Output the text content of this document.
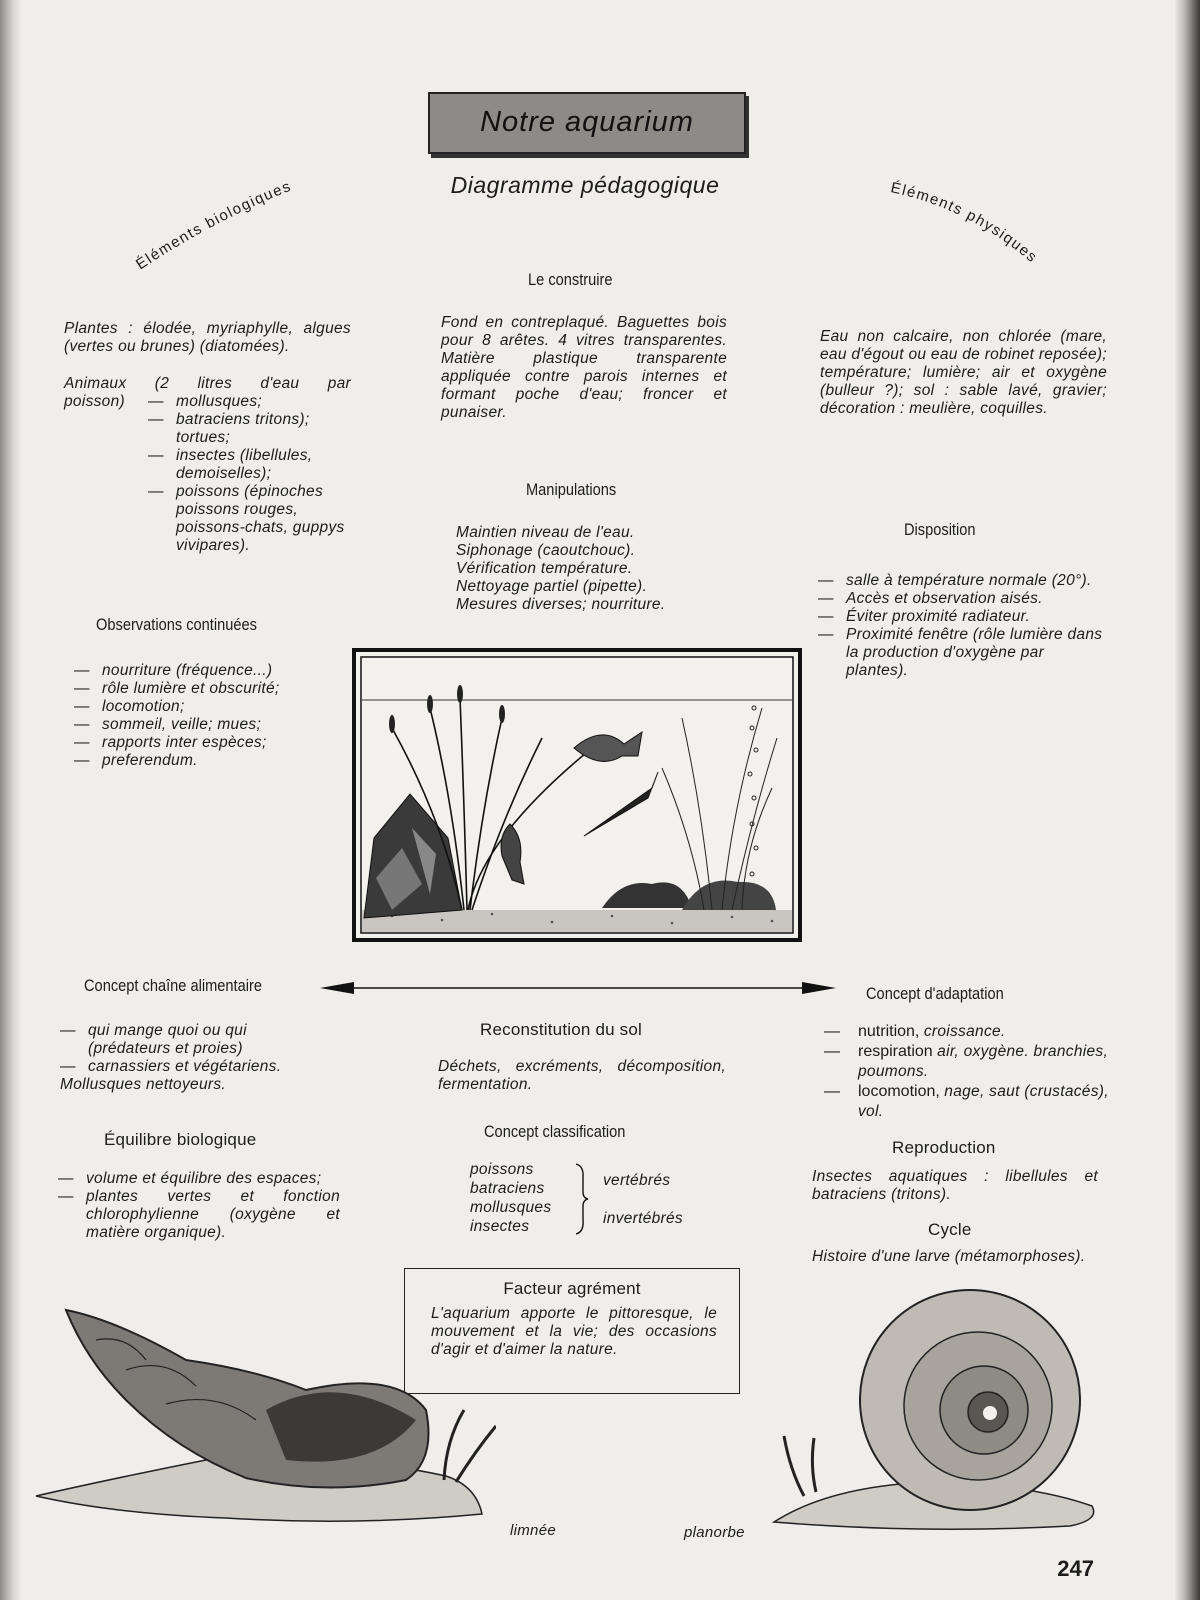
Notre aquarium
Diagramme pédagogique
Éléments biologiques	Éléments physiques
Plantes : élodée, myriaphylle, algues (vertes ou brunes) (diatomées).
Animaux (2 litres d'eau par
poisson)	— mollusques;
— batraciens tritons); tortues;
— insectes (libellules, demoiselles);
— poissons (épinoches poissons rouges, poissons-chats, guppys vivipares).
Le construire
Fond en contreplaqué. Baguettes bois pour 8 arêtes. 4 vitres transparentes. Matière plastique transparente appliquée contre parois internes et formant poche d'eau; froncer et punaiser.
Eau non calcaire, non chlorée (mare, eau d'égout ou eau de robinet reposée); température; lumière; air et oxygène (bulleur ?); sol : sable lavé, gravier; décoration : meulière, coquilles.
Manipulations
Maintien niveau de l'eau.
Siphonage (caoutchouc).
Vérification température.
Nettoyage partiel (pipette).
Mesures diverses; nourriture.
Disposition
— salle à température normale (20°).
— Accès et observation aisés.
— Éviter proximité radiateur.
— Proximité fenêtre (rôle lumière dans la production d'oxygène par plantes).
Observations continuées
— nourriture (fréquence...)
— rôle lumière et obscurité;
— locomotion;
— sommeil, veille; mues;
— rapports inter espèces;
— preferendum.
Concept chaîne alimentaire
— qui mange quoi ou qui (prédateurs et proies)
— carnassiers et végétariens.
Mollusques nettoyeurs.
Reconstitution du sol
Déchets, excréments, décomposition, fermentation.
Concept d'adaptation
— nutrition, croissance.
— respiration air, oxygène. branchies, poumons.
— locomotion, nage, saut (crustacés), vol.
Équilibre biologique
— volume et équilibre des espaces;
— plantes vertes et fonction chlorophylienne (oxygène et matière organique).
Concept classification
poissons
batraciens
mollusques
insectes
vertébrés
invertébrés
Reproduction
Insectes aquatiques : libellules et batraciens (tritons).
Cycle
Histoire d'une larve (métamorphoses).
Facteur agrément
L'aquarium apporte le pittoresque, le mouvement et la vie; des occasions d'agir et d'aimer la nature.
limnée	planorbe
247
